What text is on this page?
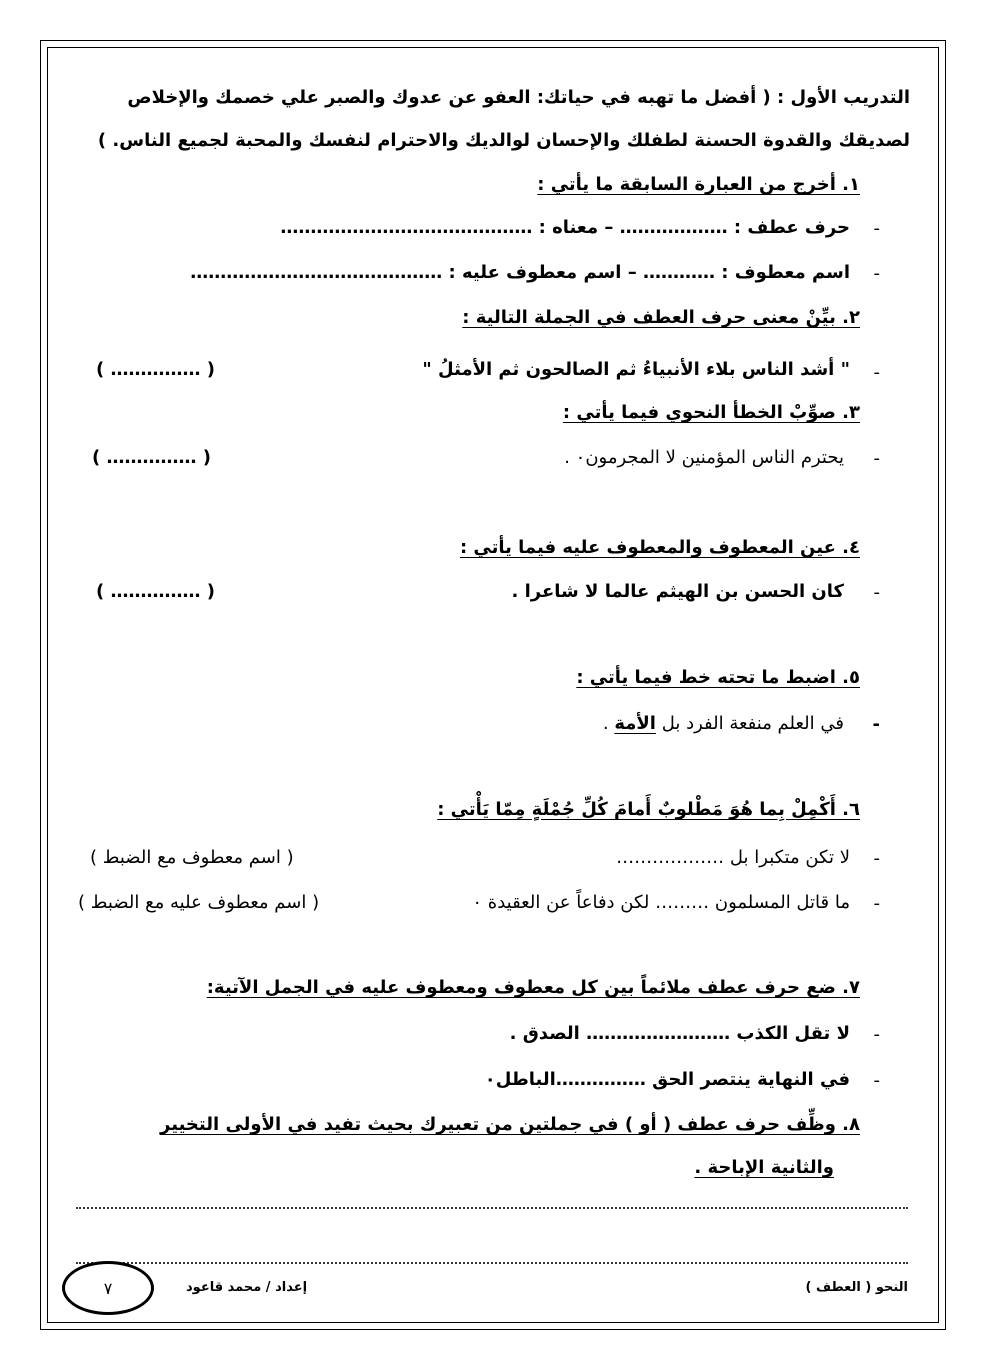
التدريب الأول : ( أفضل ما تهبه في حياتك: العفو عن عدوك والصبر علي خصمك والإخلاص
لصديقك والقدوة الحسنة لطفلك والإحسان لوالديك والاحترام لنفسك والمحبة لجميع الناس. )
١. أخرج من العبارة السابقة ما يأتي :
-
حرف عطف : ……………… – معناه : ……………………………………
-
اسم معطوف : ………… – اسم معطوف عليه : ……………………………………
٢. بيِّنْ معنى حرف العطف في الجملة التالية :
-
" أشد الناس بلاء الأنبياءُ ثم الصالحون ثم الأمثلُ "
( …………… )
٣. صوِّبْ الخطأ النحوي فيما يأتي :
-
يحترم الناس المؤمنين لا المجرمون٠ .
( …………… )
٤. عين المعطوف والمعطوف عليه فيما يأتي :
-
كان الحسن بن الهيثم عالما لا شاعرا .
( …………… )
٥. اضبط ما تحته خط فيما يأتي :
-
في العلم منفعة الفرد بل الأمة .
٦. أَكْمِلْ بِما هُوَ مَطْلوبٌ أَمامَ كُلِّ جُمْلَةٍ مِمّا يَأْتي :
-
لا تكن متكبرا بل ………………
( اسم معطوف مع الضبط )
-
ما قاتل المسلمون ……… لكن دفاعاً عن العقيدة ٠
( اسم معطوف عليه مع الضبط )
٧. ضع حرف عطف ملائماً بين كل معطوف ومعطوف عليه في الجمل الآتية:
-
لا تقل الكذب …………………… الصدق .
-
في النهاية ينتصر الحق ……………الباطل٠
٨. وظِّف حرف عطف ( أو ) في جملتين من تعبيرك بحيث تفيد في الأولى التخيير
والثانية الإباحة .
النحو ( العطف )
إعداد / محمد قاعود
٧
